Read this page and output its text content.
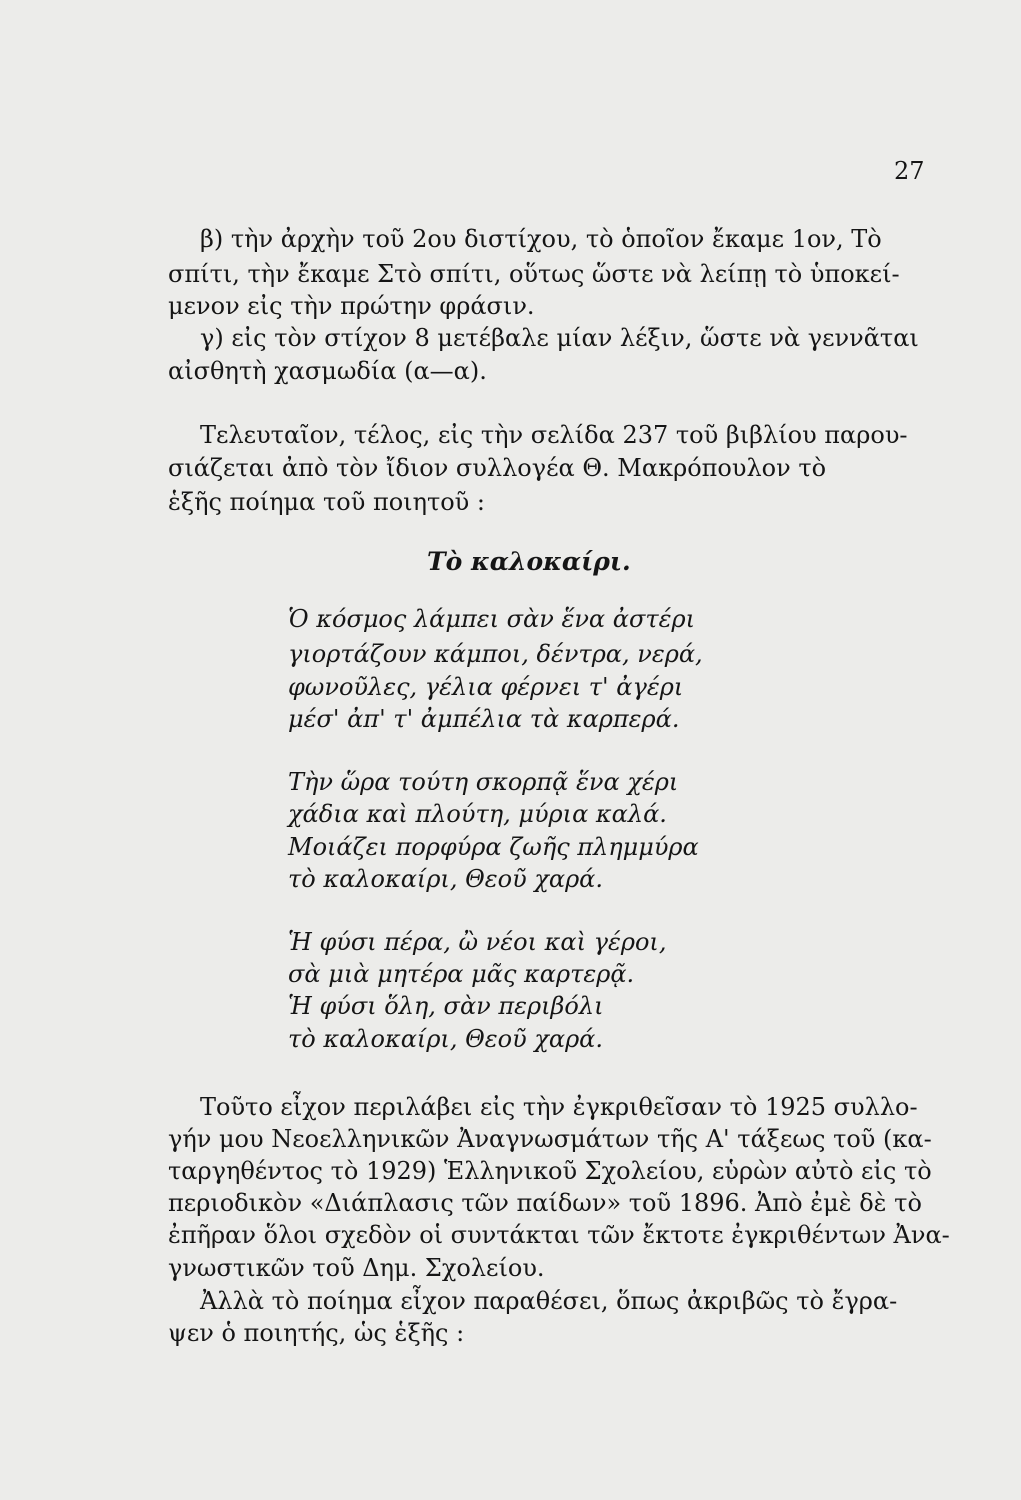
27
β) τὴν ἀρχὴν τοῦ 2ου διστίχου, τὸ ὁποῖον ἔκαμε 1ον, Τὸ
σπίτι, τὴν ἔκαμε Στὸ σπίτι, οὕτως ὥστε νὰ λείπῃ τὸ ὑποκεί-
μενον εἰς τὴν πρώτην φράσιν.
γ) εἰς τὸν στίχον 8 μετέβαλε μίαν λέξιν, ὥστε νὰ γεννᾶται
αἰσθητὴ χασμωδία (α—α).
Τελευταῖον, τέλος, εἰς τὴν σελίδα 237 τοῦ βιβλίου παρου-
σιάζεται ἀπὸ τὸν ἴδιον συλλογέα Θ. Μακρόπουλον τὸ
ἑξῆς ποίημα τοῦ ποιητοῦ :
Τὸ καλοκαίρι.
Ὁ κόσμος λάμπει σὰν ἕνα ἀστέρι
γιορτάζουν κάμποι, δέντρα, νερά,
φωνοῦλες, γέλια φέρνει τ' ἀγέρι
μέσ' ἀπ' τ' ἀμπέλια τὰ καρπερά.
Τὴν ὥρα τούτη σκορπᾷ ἕνα χέρι
χάδια καὶ πλούτη, μύρια καλά.
Μοιάζει πορφύρα ζωῆς πλημμύρα
τὸ καλοκαίρι, Θεοῦ χαρά.
Ἡ φύσι πέρα, ὢ νέοι καὶ γέροι,
σὰ μιὰ μητέρα μᾶς καρτερᾷ.
Ἡ φύσι ὅλη, σὰν περιβόλι
τὸ καλοκαίρι, Θεοῦ χαρά.
Τοῦτο εἶχον περιλάβει εἰς τὴν ἐγκριθεῖσαν τὸ 1925 συλλο-
γήν μου Νεοελληνικῶν Ἀναγνωσμάτων τῆς Α' τάξεως τοῦ (κα-
ταργηθέντος τὸ 1929) Ἑλληνικοῦ Σχολείου, εὑρὼν αὐτὸ εἰς τὸ
περιοδικὸν «Διάπλασις τῶν παίδων» τοῦ 1896. Ἀπὸ ἐμὲ δὲ τὸ
ἐπῆραν ὅλοι σχεδὸν οἱ συντάκται τῶν ἔκτοτε ἐγκριθέντων Ἀνα-
γνωστικῶν τοῦ Δημ. Σχολείου.
Ἀλλὰ τὸ ποίημα εἶχον παραθέσει, ὅπως ἀκριβῶς τὸ ἔγρα-
ψεν ὁ ποιητής, ὡς ἑξῆς :
